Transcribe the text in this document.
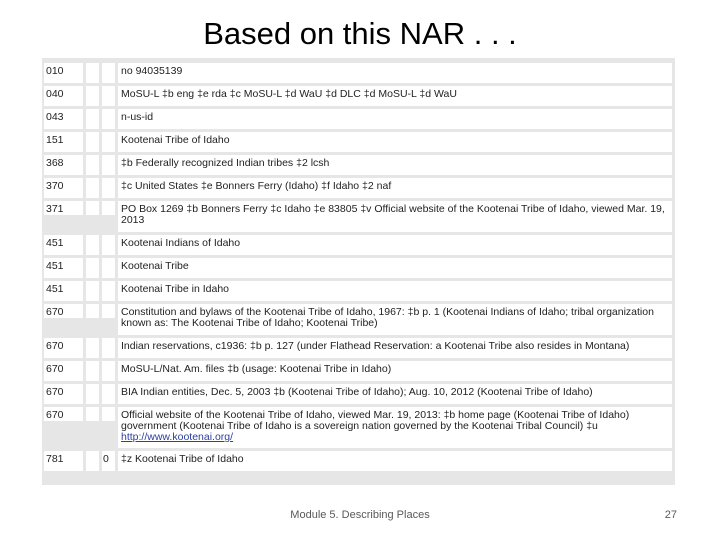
Based on this NAR . . .
010			no 94035139
040			MoSU-L ‡b eng ‡e rda ‡c MoSU-L ‡d WaU ‡d DLC ‡d MoSU-L ‡d WaU
043			n-us-id
151			Kootenai Tribe of Idaho
368			‡b Federally recognized Indian tribes ‡2 lcsh
370			‡c United States ‡e Bonners Ferry (Idaho) ‡f Idaho ‡2 naf
371			PO Box 1269 ‡b Bonners Ferry ‡c Idaho ‡e 83805 ‡v Official website of the Kootenai Tribe of Idaho, viewed Mar. 19, 2013
451			Kootenai Indians of Idaho
451			Kootenai Tribe
451			Kootenai Tribe in Idaho
670			Constitution and bylaws of the Kootenai Tribe of Idaho, 1967: ‡b p. 1 (Kootenai Indians of Idaho; tribal organization known as: The Kootenai Tribe of Idaho; Kootenai Tribe)
670			Indian reservations, c1936: ‡b p. 127 (under Flathead Reservation: a Kootenai Tribe also resides in Montana)
670			MoSU-L/Nat. Am. files ‡b (usage: Kootenai Tribe in Idaho)
670			BIA Indian entities, Dec. 5, 2003 ‡b (Kootenai Tribe of Idaho); Aug. 10, 2012 (Kootenai Tribe of Idaho)
670			Official website of the Kootenai Tribe of Idaho, viewed Mar. 19, 2013: ‡b home page (Kootenai Tribe of Idaho) government (Kootenai Tribe of Idaho is a sovereign nation governed by the Kootenai Tribal Council) ‡u
http://www.kootenai.org/
781		0	‡z Kootenai Tribe of Idaho
Module 5. Describing Places	27
